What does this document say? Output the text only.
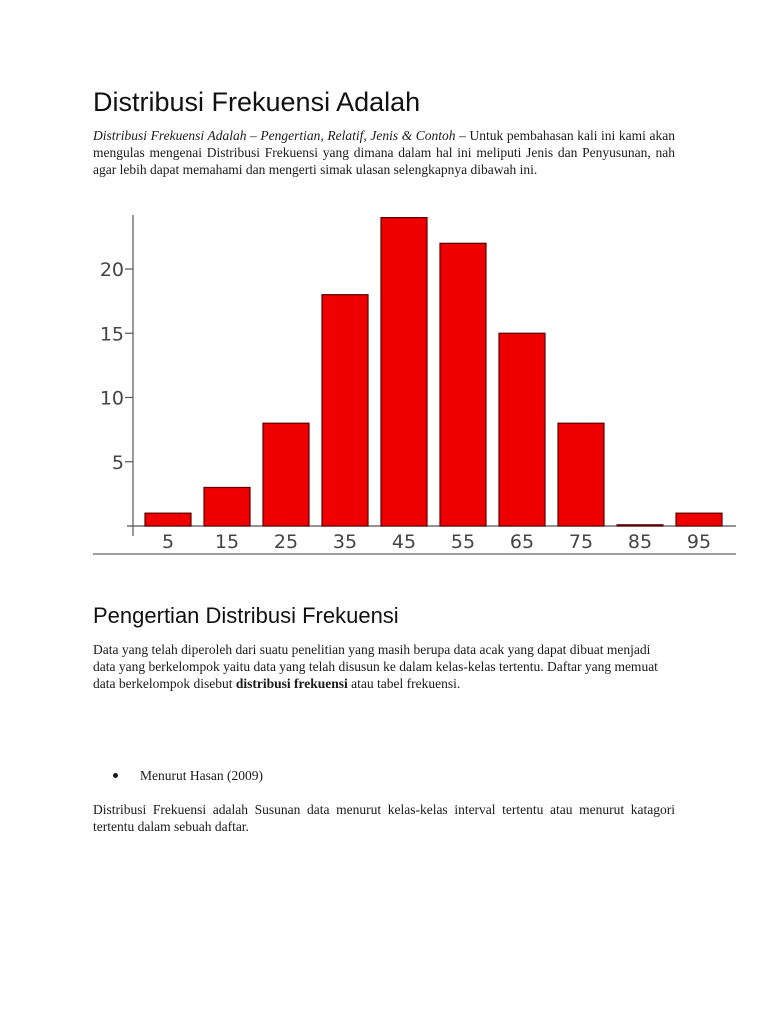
Distribusi Frekuensi Adalah

Distribusi Frekuensi Adalah – Pengertian, Relatif, Jenis & Contoh – Untuk pembahasan kali ini kami akan mengulas mengenai Distribusi Frekuensi yang dimana dalam hal ini meliputi Jenis dan Penyusunan, nah agar lebih dapat memahami dan mengerti simak ulasan selengkapnya dibawah ini.

5
10
15
20
5 15 25 35 45 55 65 75 85 95
Pengertian Distribusi Frekuensi

Data yang telah diperoleh dari suatu penelitian yang masih berupa data acak yang dapat dibuat menjadi data yang berkelompok yaitu data yang telah disusun ke dalam kelas-kelas tertentu. Daftar yang memuat data berkelompok disebut distribusi frekuensi atau tabel frekuensi.

Menurut Hasan (2009)

Distribusi Frekuensi adalah Susunan data menurut kelas-kelas interval tertentu atau menurut katagori tertentu dalam sebuah daftar.
